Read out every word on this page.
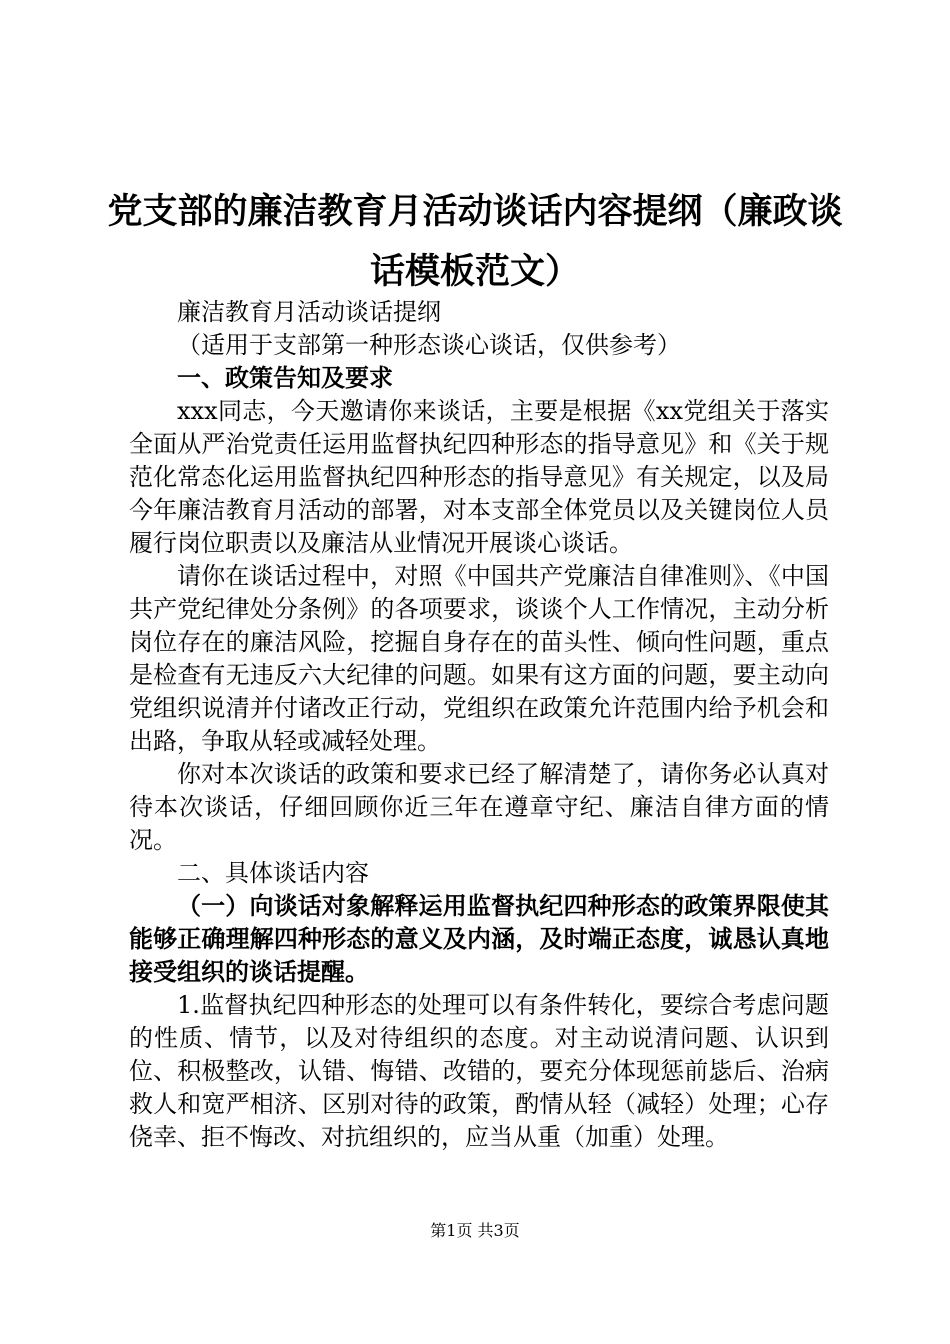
党支部的廉洁教育月活动谈话内容提纲（廉政谈话模板范文）

廉洁教育月活动谈话提纲

（适用于支部第一种形态谈心谈话，仅供参考）

一、政策告知及要求

xxx同志，今天邀请你来谈话，主要是根据《xx党组关于落实全面从严治党责任运用监督执纪四种形态的指导意见》和《关于规范化常态化运用监督执纪四种形态的指导意见》有关规定，以及局今年廉洁教育月活动的部署，对本支部全体党员以及关键岗位人员履行岗位职责以及廉洁从业情况开展谈心谈话。

请你在谈话过程中，对照《中国共产党廉洁自律准则》、《中国共产党纪律处分条例》的各项要求，谈谈个人工作情况，主动分析岗位存在的廉洁风险，挖掘自身存在的苗头性、倾向性问题，重点是检查有无违反六大纪律的问题。如果有这方面的问题，要主动向党组织说清并付诸改正行动，党组织在政策允许范围内给予机会和出路，争取从轻或减轻处理。

你对本次谈话的政策和要求已经了解清楚了，请你务必认真对待本次谈话，仔细回顾你近三年在遵章守纪、廉洁自律方面的情况。

二、具体谈话内容

（一）向谈话对象解释运用监督执纪四种形态的政策界限使其能够正确理解四种形态的意义及内涵，及时端正态度，诚恳认真地接受组织的谈话提醒。

1.监督执纪四种形态的处理可以有条件转化，要综合考虑问题的性质、情节，以及对待组织的态度。对主动说清问题、认识到位、积极整改，认错、悔错、改错的，要充分体现惩前毖后、治病救人和宽严相济、区别对待的政策，酌情从轻（减轻）处理；心存侥幸、拒不悔改、对抗组织的，应当从重（加重）处理。

第1页 共3页
